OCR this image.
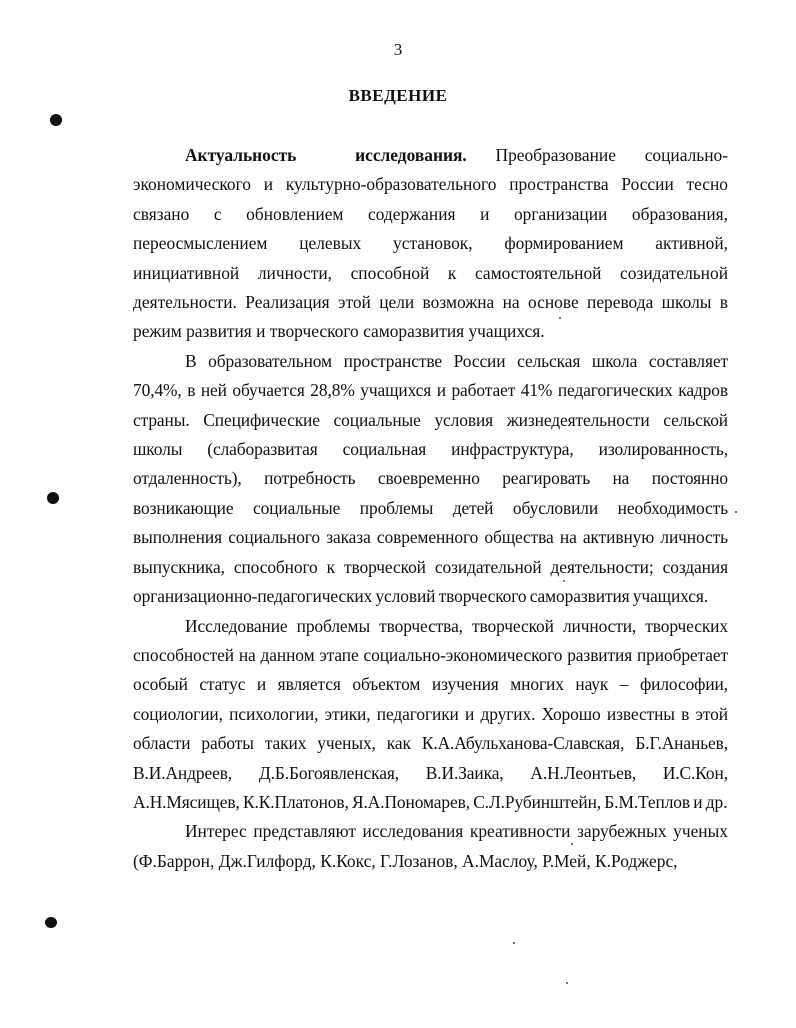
3
ВВЕДЕНИЕ

Актуальность исследования. Преобразование социально-экономического и культурно-образовательного пространства России тесно связано с обновлением содержания и организации образования, переосмыслением целевых установок, формированием активной, инициативной личности, способной к самостоятельной созидательной деятельности. Реализация этой цели возможна на основе перевода школы в режим развития и творческого саморазвития учащихся.

В образовательном пространстве России сельская школа составляет 70,4%, в ней обучается 28,8% учащихся и работает 41% педагогических кадров страны. Специфические социальные условия жизнедеятельности сельской школы (слаборазвитая социальная инфраструктура, изолированность, отдаленность), потребность своевременно реагировать на постоянно возникающие социальные проблемы детей обусловили необходимость выполнения социального заказа современного общества на активную личность выпускника, способного к творческой созидательной деятельности; создания организационно-педагогических условий творческого саморазвития учащихся.

Исследование проблемы творчества, творческой личности, творческих способностей на данном этапе социально-экономического развития приобретает особый статус и является объектом изучения многих наук – философии, социологии, психологии, этики, педагогики и других. Хорошо известны в этой области работы таких ученых, как К.А.Абульханова-Славская, Б.Г.Ананьев, В.И.Андреев, Д.Б.Богоявленская, В.И.Заика, А.Н.Леонтьев, И.С.Кон, А.Н.Мясищев, К.К.Платонов, Я.А.Пономарев, С.Л.Рубинштейн, Б.М.Теплов и др.

Интерес представляют исследования креативности зарубежных ученых (Ф.Баррон, Дж.Гилфорд, К.Кокс, Г.Лозанов, А.Маслоу, Р.Мей, К.Роджерс,
